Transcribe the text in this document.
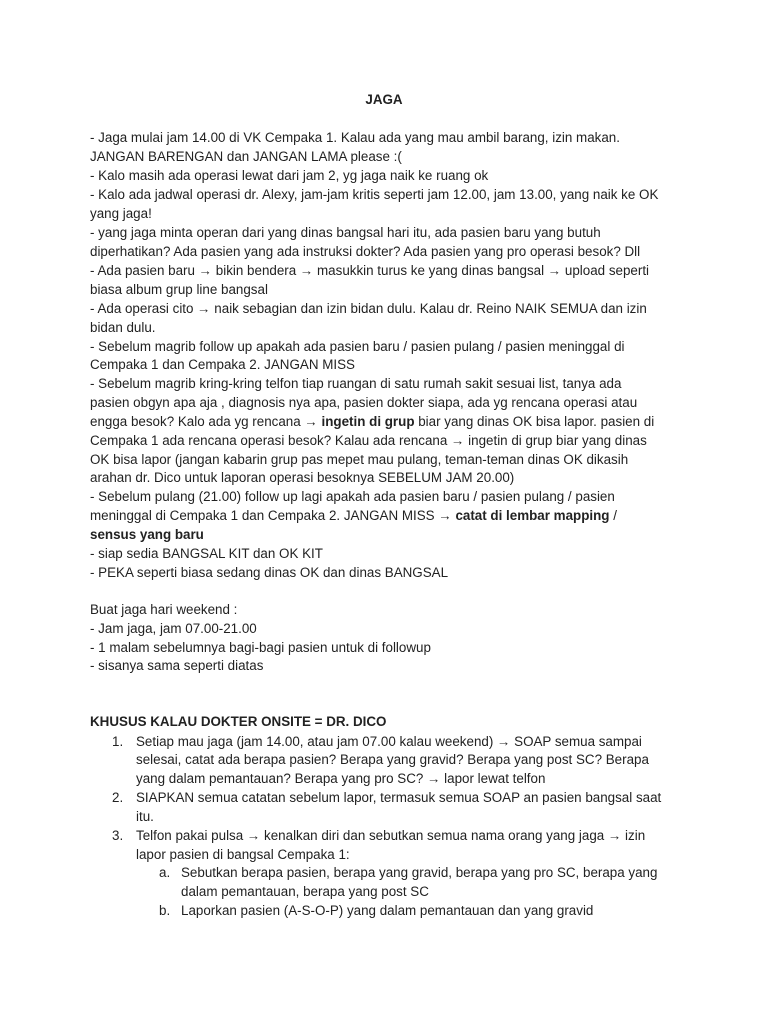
JAGA
- Jaga mulai jam 14.00 di VK Cempaka 1. Kalau ada yang mau ambil barang, izin makan.
JANGAN BARENGAN dan JANGAN LAMA please :(
- Kalo masih ada operasi lewat dari jam 2, yg jaga naik ke ruang ok
- Kalo ada jadwal operasi dr. Alexy, jam-jam kritis seperti jam 12.00, jam 13.00, yang naik ke OK
yang jaga!
- yang jaga minta operan dari yang dinas bangsal hari itu, ada pasien baru yang butuh
diperhatikan? Ada pasien yang ada instruksi dokter? Ada pasien yang pro operasi besok? Dll
- Ada pasien baru → bikin bendera → masukkin turus ke yang dinas bangsal → upload seperti
biasa album grup line bangsal
- Ada operasi cito → naik sebagian dan izin bidan dulu. Kalau dr. Reino NAIK SEMUA dan izin
bidan dulu.
- Sebelum magrib follow up apakah ada pasien baru / pasien pulang / pasien meninggal di
Cempaka 1 dan Cempaka 2. JANGAN MISS
- Sebelum magrib kring-kring telfon tiap ruangan di satu rumah sakit sesuai list, tanya ada
pasien obgyn apa aja , diagnosis nya apa, pasien dokter siapa, ada yg rencana operasi atau
engga besok? Kalo ada yg rencana → ingetin di grup biar yang dinas OK bisa lapor. pasien di
Cempaka 1 ada rencana operasi besok? Kalau ada rencana → ingetin di grup biar yang dinas
OK bisa lapor (jangan kabarin grup pas mepet mau pulang, teman-teman dinas OK dikasih
arahan dr. Dico untuk laporan operasi besoknya SEBELUM JAM 20.00)
- Sebelum pulang (21.00) follow up lagi apakah ada pasien baru / pasien pulang / pasien
meninggal di Cempaka 1 dan Cempaka 2. JANGAN MISS → catat di lembar mapping /
sensus yang baru
- siap sedia BANGSAL KIT dan OK KIT
- PEKA seperti biasa sedang dinas OK dan dinas BANGSAL
Buat jaga hari weekend :
- Jam jaga, jam 07.00-21.00
- 1 malam sebelumnya bagi-bagi pasien untuk di followup
- sisanya sama seperti diatas
KHUSUS KALAU DOKTER ONSITE = DR. DICO
1. Setiap mau jaga (jam 14.00, atau jam 07.00 kalau weekend) → SOAP semua sampai
selesai, catat ada berapa pasien? Berapa yang gravid? Berapa yang post SC? Berapa
yang dalam pemantauan? Berapa yang pro SC? → lapor lewat telfon
2. SIAPKAN semua catatan sebelum lapor, termasuk semua SOAP an pasien bangsal saat
itu.
3. Telfon pakai pulsa → kenalkan diri dan sebutkan semua nama orang yang jaga → izin
lapor pasien di bangsal Cempaka 1:
a. Sebutkan berapa pasien, berapa yang gravid, berapa yang pro SC, berapa yang
dalam pemantauan, berapa yang post SC
b. Laporkan pasien (A-S-O-P) yang dalam pemantauan dan yang gravid
